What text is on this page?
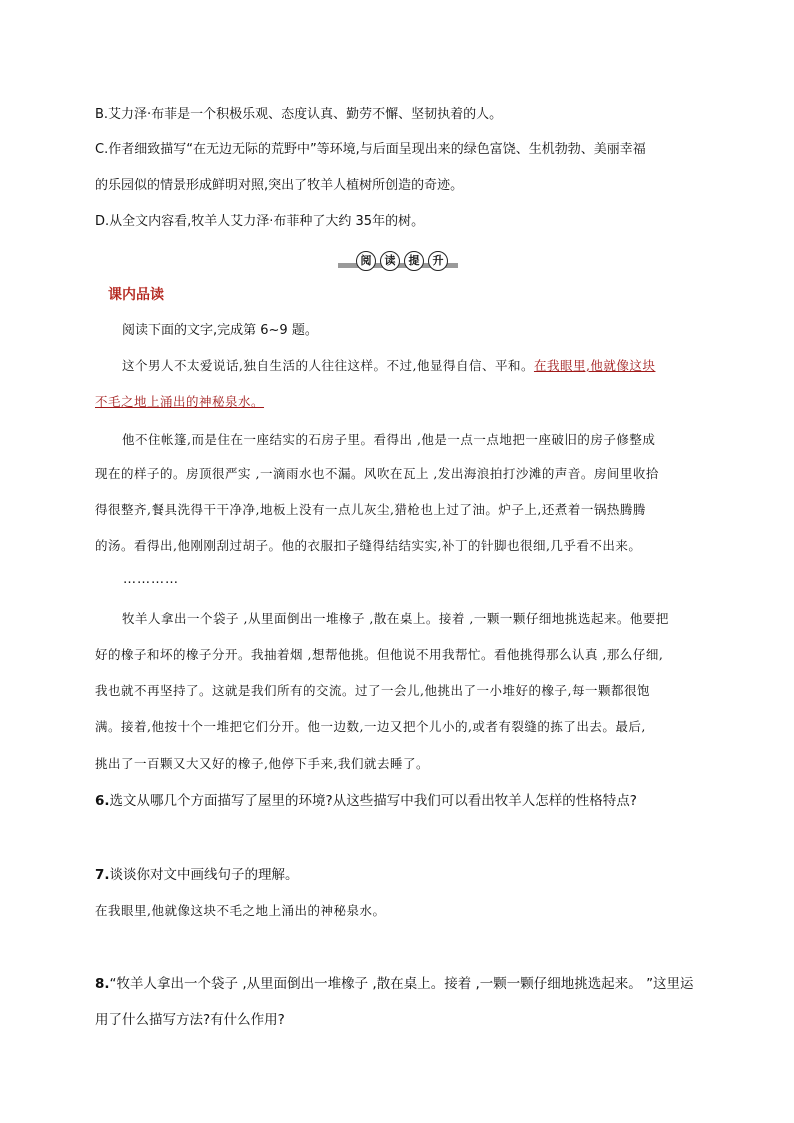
B.艾力泽·布菲是一个积极乐观、态度认真、勤劳不懈、坚韧执着的人。
C.作者细致描写“在无边无际的荒野中”等环境,与后面呈现出来的绿色富饶、生机勃勃、美丽幸福
的乐园似的情景形成鲜明对照,突出了牧羊人植树所创造的奇迹。
D.从全文内容看,牧羊人艾力泽·布菲种了大约 35年的树。
阅	读	提	升
课内品读
阅读下面的文字,完成第 6~9 题。
这个男人不太爱说话,独自生活的人往往这样。不过,他显得自信、平和。在我眼里,他就像这块
不毛之地上涌出的神秘泉水。
他不住帐篷,而是住在一座结实的石房子里。看得出 ,他是一点一点地把一座破旧的房子修整成
现在的样子的。房顶很严实 ,一滴雨水也不漏。风吹在瓦上 ,发出海浪拍打沙滩的声音。房间里收拾
得很整齐,餐具洗得干干净净,地板上没有一点儿灰尘,猎枪也上过了油。炉子上,还煮着一锅热腾腾
的汤。看得出,他刚刚刮过胡子。他的衣服扣子缝得结结实实,补丁的针脚也很细,几乎看不出来。
…………
牧羊人拿出一个袋子 ,从里面倒出一堆橡子 ,散在桌上。接着 ,一颗一颗仔细地挑选起来。他要把
好的橡子和坏的橡子分开。我抽着烟 ,想帮他挑。但他说不用我帮忙。看他挑得那么认真 ,那么仔细,
我也就不再坚持了。这就是我们所有的交流。过了一会儿,他挑出了一小堆好的橡子,每一颗都很饱
满。接着,他按十个一堆把它们分开。他一边数,一边又把个儿小的,或者有裂缝的拣了出去。最后,
挑出了一百颗又大又好的橡子,他停下手来,我们就去睡了。
6.选文从哪几个方面描写了屋里的环境?从这些描写中我们可以看出牧羊人怎样的性格特点?
7.谈谈你对文中画线句子的理解。
在我眼里,他就像这块不毛之地上涌出的神秘泉水。
8.“牧羊人拿出一个袋子 ,从里面倒出一堆橡子 ,散在桌上。接着 ,一颗一颗仔细地挑选起来。 ”这里运
用了什么描写方法?有什么作用?
